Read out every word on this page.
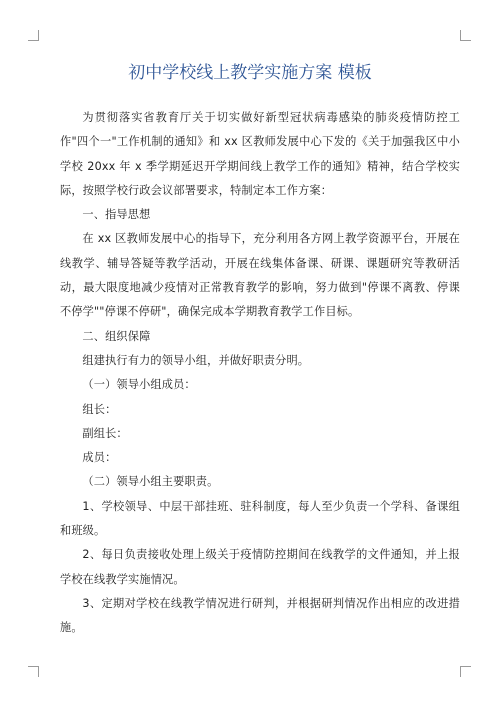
初中学校线上教学实施方案 模板

为贯彻落实省教育厅关于切实做好新型冠状病毒感染的肺炎疫情防控工作"四个一"工作机制的通知》和 xx 区教师发展中心下发的《关于加强我区中小学校 20xx 年 x 季学期延迟开学期间线上教学工作的通知》精神，结合学校实际，按照学校行政会议部署要求，特制定本工作方案：

一、指导思想

在 xx 区教师发展中心的指导下，充分利用各方网上教学资源平台，开展在线教学、辅导答疑等教学活动，开展在线集体备课、研课、课题研究等教研活动，最大限度地减少疫情对正常教育教学的影响，努力做到"停课不离教、停课不停学""停课不停研"，确保完成本学期教育教学工作目标。

二、组织保障

组建执行有力的领导小组，并做好职责分明。

（一）领导小组成员：

组长：

副组长：

成员：

（二）领导小组主要职责。

1、学校领导、中层干部挂班、驻科制度，每人至少负责一个学科、备课组和班级。

2、每日负责接收处理上级关于疫情防控期间在线教学的文件通知，并上报学校在线教学实施情况。

3、定期对学校在线教学情况进行研判，并根据研判情况作出相应的改进措施。
